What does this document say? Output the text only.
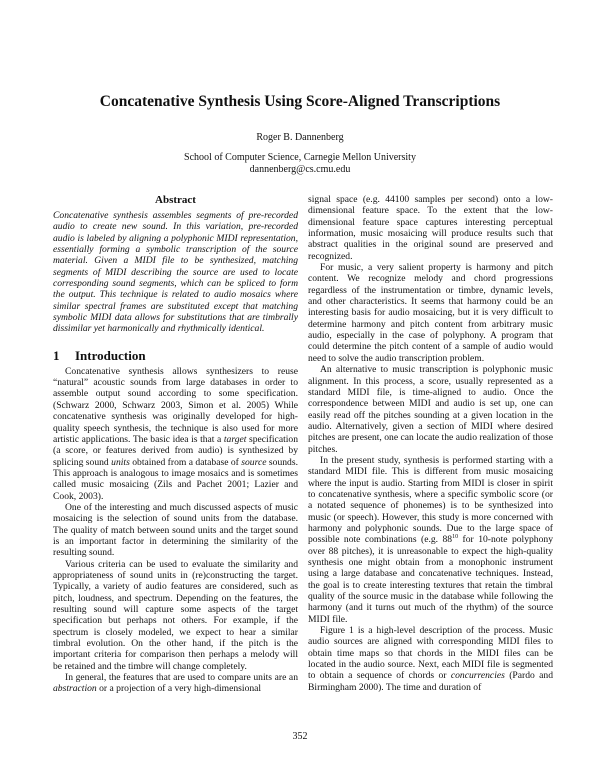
Concatenative Synthesis Using Score-Aligned Transcriptions
Roger B. Dannenberg
School of Computer Science, Carnegie Mellon University
dannenberg@cs.cmu.edu
Abstract

Concatenative synthesis assembles segments of pre-recorded audio to create new sound. In this variation, pre-recorded audio is labeled by aligning a polyphonic MIDI representation, essentially forming a symbolic transcription of the source material. Given a MIDI file to be synthesized, matching segments of MIDI describing the source are used to locate corresponding sound segments, which can be spliced to form the output. This technique is related to audio mosaics where similar spectral frames are substituted except that matching symbolic MIDI data allows for substitutions that are timbrally dissimilar yet harmonically and rhythmically identical.

1 Introduction

Concatenative synthesis allows synthesizers to reuse “natural” acoustic sounds from large databases in order to assemble output sound according to some specification. (Schwarz 2000, Schwarz 2003, Simon et al. 2005) While concatenative synthesis was originally developed for high-quality speech synthesis, the technique is also used for more artistic applications. The basic idea is that a target specification (a score, or features derived from audio) is synthesized by splicing sound units obtained from a database of source sounds. This approach is analogous to image mosaics and is sometimes called music mosaicing (Zils and Pachet 2001; Lazier and Cook, 2003).

One of the interesting and much discussed aspects of music mosaicing is the selection of sound units from the database. The quality of match between sound units and the target sound is an important factor in determining the similarity of the resulting sound.

Various criteria can be used to evaluate the similarity and appropriateness of sound units in (re)constructing the target. Typically, a variety of audio features are considered, such as pitch, loudness, and spectrum. Depending on the features, the resulting sound will capture some aspects of the target specification but perhaps not others. For example, if the spectrum is closely modeled, we expect to hear a similar timbral evolution. On the other hand, if the pitch is the important criteria for comparison then perhaps a melody will be retained and the timbre will change completely.

In general, the features that are used to compare units are an abstraction or a projection of a very high-dimensional

signal space (e.g. 44100 samples per second) onto a low-dimensional feature space. To the extent that the low-dimensional feature space captures interesting perceptual information, music mosaicing will produce results such that abstract qualities in the original sound are preserved and recognized.

For music, a very salient property is harmony and pitch content. We recognize melody and chord progressions regardless of the instrumentation or timbre, dynamic levels, and other characteristics. It seems that harmony could be an interesting basis for audio mosaicing, but it is very difficult to determine harmony and pitch content from arbitrary music audio, especially in the case of polyphony. A program that could determine the pitch content of a sample of audio would need to solve the audio transcription problem.

An alternative to music transcription is polyphonic music alignment. In this process, a score, usually represented as a standard MIDI file, is time-aligned to audio. Once the correspondence between MIDI and audio is set up, one can easily read off the pitches sounding at a given location in the audio. Alternatively, given a section of MIDI where desired pitches are present, one can locate the audio realization of those pitches.

In the present study, synthesis is performed starting with a standard MIDI file. This is different from music mosaicing where the input is audio. Starting from MIDI is closer in spirit to concatenative synthesis, where a specific symbolic score (or a notated sequence of phonemes) is to be synthesized into music (or speech). However, this study is more concerned with harmony and polyphonic sounds. Due to the large space of possible note combinations (e.g. $88^{10}$ for 10-note polyphony over 88 pitches), it is unreasonable to expect the high-quality synthesis one might obtain from a monophonic instrument using a large database and concatenative techniques. Instead, the goal is to create interesting textures that retain the timbral quality of the source music in the database while following the harmony (and it turns out much of the rhythm) of the source MIDI file.

Figure 1 is a high-level description of the process. Music audio sources are aligned with corresponding MIDI files to obtain time maps so that chords in the MIDI files can be located in the audio source. Next, each MIDI file is segmented to obtain a sequence of chords or concurrencies (Pardo and Birmingham 2000). The time and duration of

352
